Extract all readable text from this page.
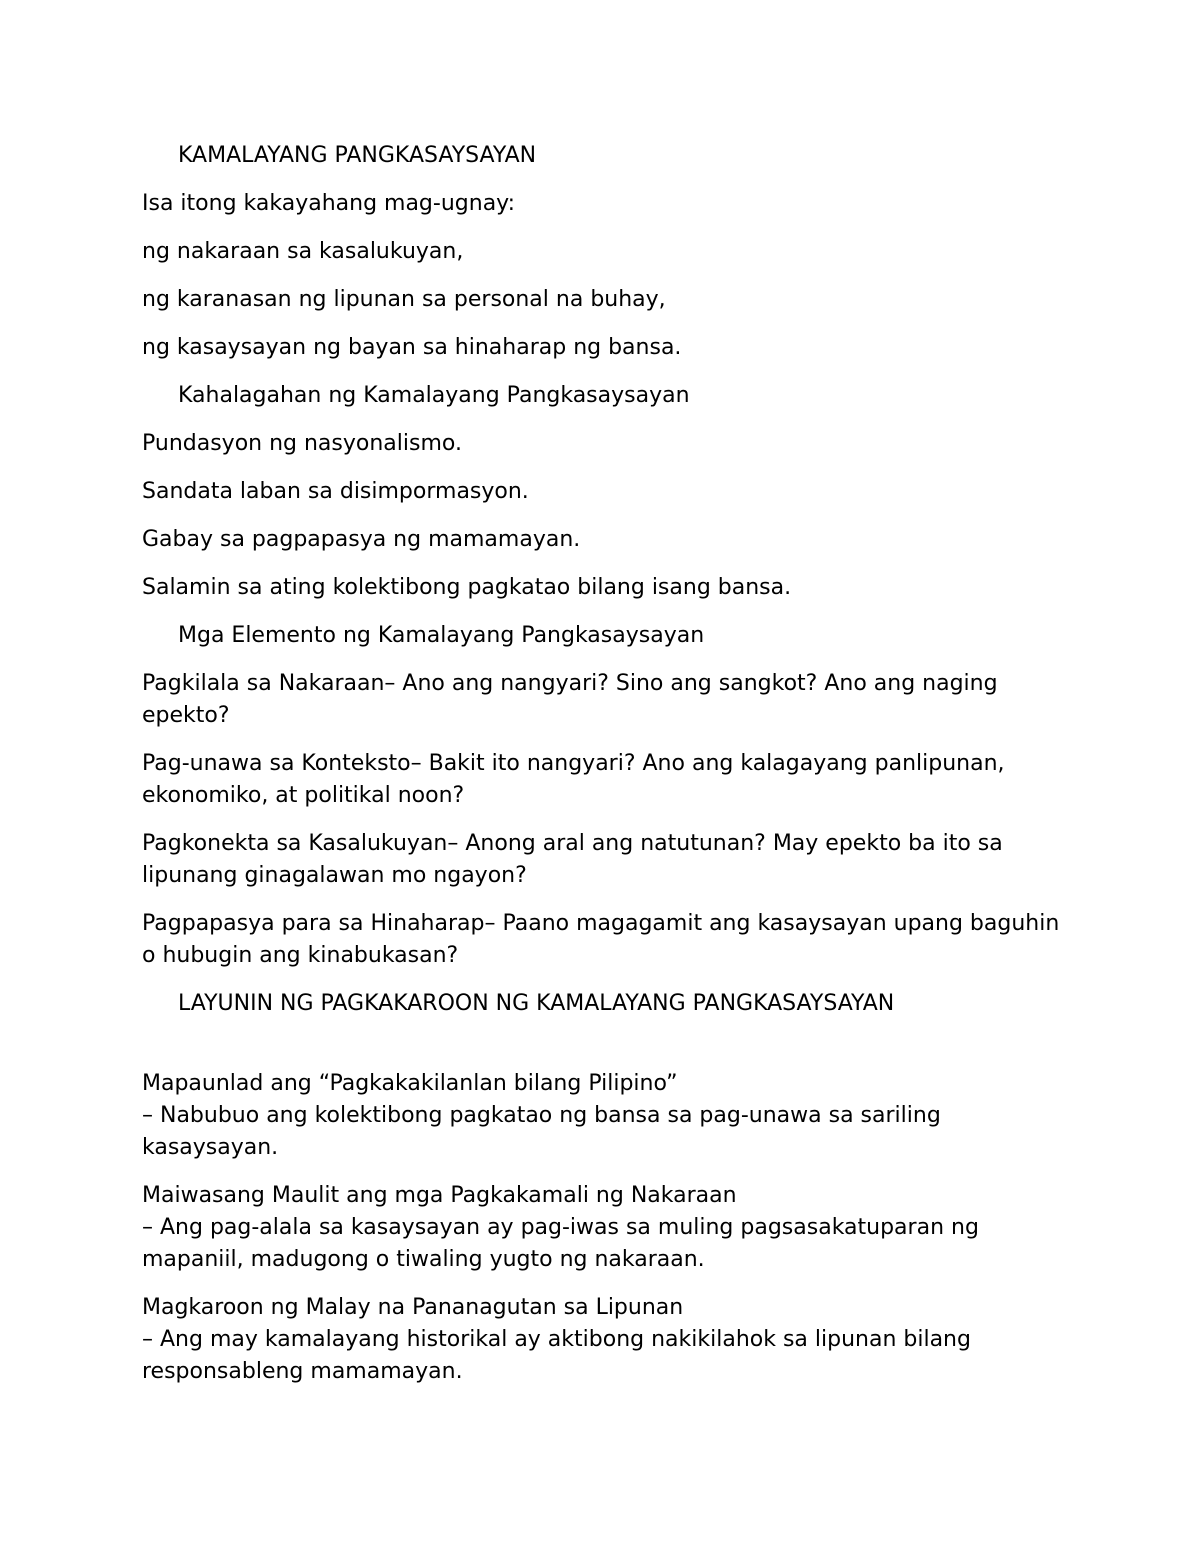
KAMALAYANG PANGKASAYSAYAN

Isa itong kakayahang mag-ugnay:

ng nakaraan sa kasalukuyan,

ng karanasan ng lipunan sa personal na buhay,

ng kasaysayan ng bayan sa hinaharap ng bansa.

Kahalagahan ng Kamalayang Pangkasaysayan

Pundasyon ng nasyonalismo.

Sandata laban sa disimpormasyon.

Gabay sa pagpapasya ng mamamayan.

Salamin sa ating kolektibong pagkatao bilang isang bansa.

Mga Elemento ng Kamalayang Pangkasaysayan

Pagkilala sa Nakaraan– Ano ang nangyari? Sino ang sangkot? Ano ang naging epekto?

Pag-unawa sa Konteksto– Bakit ito nangyari? Ano ang kalagayang panlipunan, ekonomiko, at politikal noon?

Pagkonekta sa Kasalukuyan– Anong aral ang natutunan? May epekto ba ito sa lipunang ginagalawan mo ngayon?

Pagpapasya para sa Hinaharap– Paano magagamit ang kasaysayan upang baguhin o hubugin ang kinabukasan?

LAYUNIN NG PAGKAKAROON NG KAMALAYANG PANGKASAYSAYAN

Mapaunlad ang “Pagkakakilanlan bilang Pilipino”

– Nabubuo ang kolektibong pagkatao ng bansa sa pag-unawa sa sariling kasaysayan.

Maiwasang Maulit ang mga Pagkakamali ng Nakaraan

– Ang pag-alala sa kasaysayan ay pag-iwas sa muling pagsasakatuparan ng mapaniil, madugong o tiwaling yugto ng nakaraan.

Magkaroon ng Malay na Pananagutan sa Lipunan

– Ang may kamalayang historikal ay aktibong nakikilahok sa lipunan bilang responsableng mamamayan.
